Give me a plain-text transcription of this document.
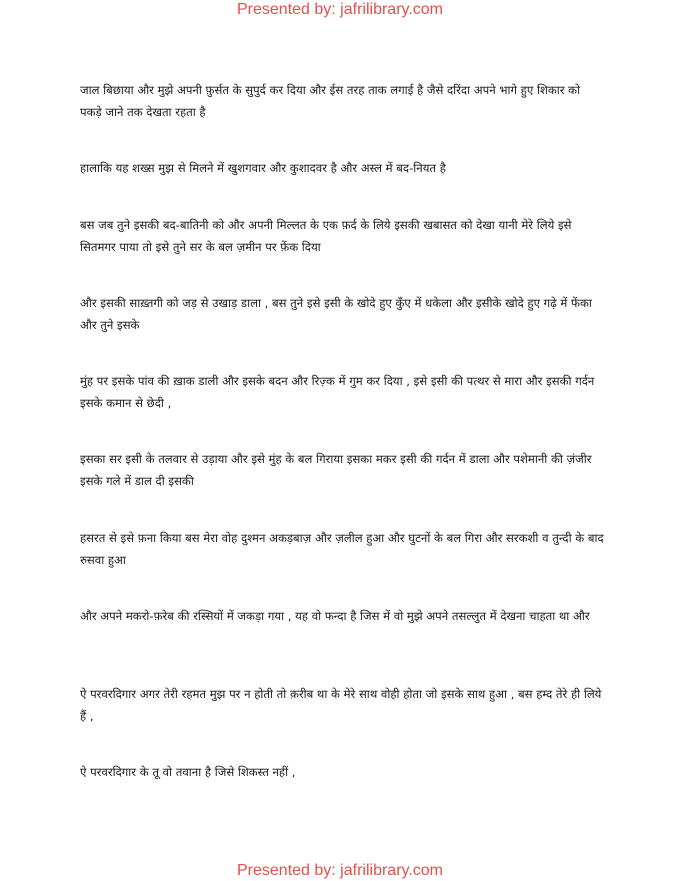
Presented by: jafrilibrary.com

जाल बिछाया और मुझे अपनी फ़ुर्सत के सुपुर्द कर दिया और ईस तरह ताक लगाई है जैसे दरिंदा अपने भागे हुए शिकार को पकड़े जाने तक देखता रहता है

हालाकि यह शख्स मुझ से मिलने में खुशगवार और कुशादवर है और अस्ल में बद-नियत है

बस जब तुने इसकी बद-बातिनी को और अपनी मिल्लत के एक फ़र्द के लिये इसकी खबासत को देखा यानी मेरे लिये इसे सितमगर पाया तो इसे तुने सर के बल ज़मीन पर फ़ेंक दिया

और इसकी साख़्तगी को जड़ से उखाड़ डाला , बस तुने इसे इसी के खोदे हुए कुँए में धकेला और इसीके खोदे हुए गढ़े में फेंका और तुने इसके

मुंह पर इसके पांव की ख़ाक डाली और इसके बदन और रिज़्क में गुम कर दिया , इसे इसी की पत्थर से मारा और इसकी गर्दन इसके कमान से छेदी ,

इसका सर इसी के तलवार से उड़ाया और इसे मुंह के बल गिराया इसका मकर इसी की गर्दन में डाला और पशेमानी की ज़ंजीर इसके गले में डाल दी इसकी

हसरत से इसे फ़ना किया बस मेरा वोह दुश्मन अकड़बाज़ और ज़लील हुआ और घुटनों के बल गिरा और सरकशी व तुन्दी के बाद रुसवा हुआ

और अपने मकरो-फ़रेब की रस्सियों में जकड़ा गया , यह वो फन्दा है जिस में वो मुझे अपने तसल्लुत में देखना चाहता था और

ऐ परवरदिगार अगर तेरी रहमत मुझ पर न होती तो क़रीब था के मेरे साथ वोही होता जो इसके साथ हुआ , बस हम्द तेरे ही लिये हैं ,

ऐ परवरदिगार के तू वो तवाना है जिसे शिकस्त नहीं ,

Presented by: jafrilibrary.com
